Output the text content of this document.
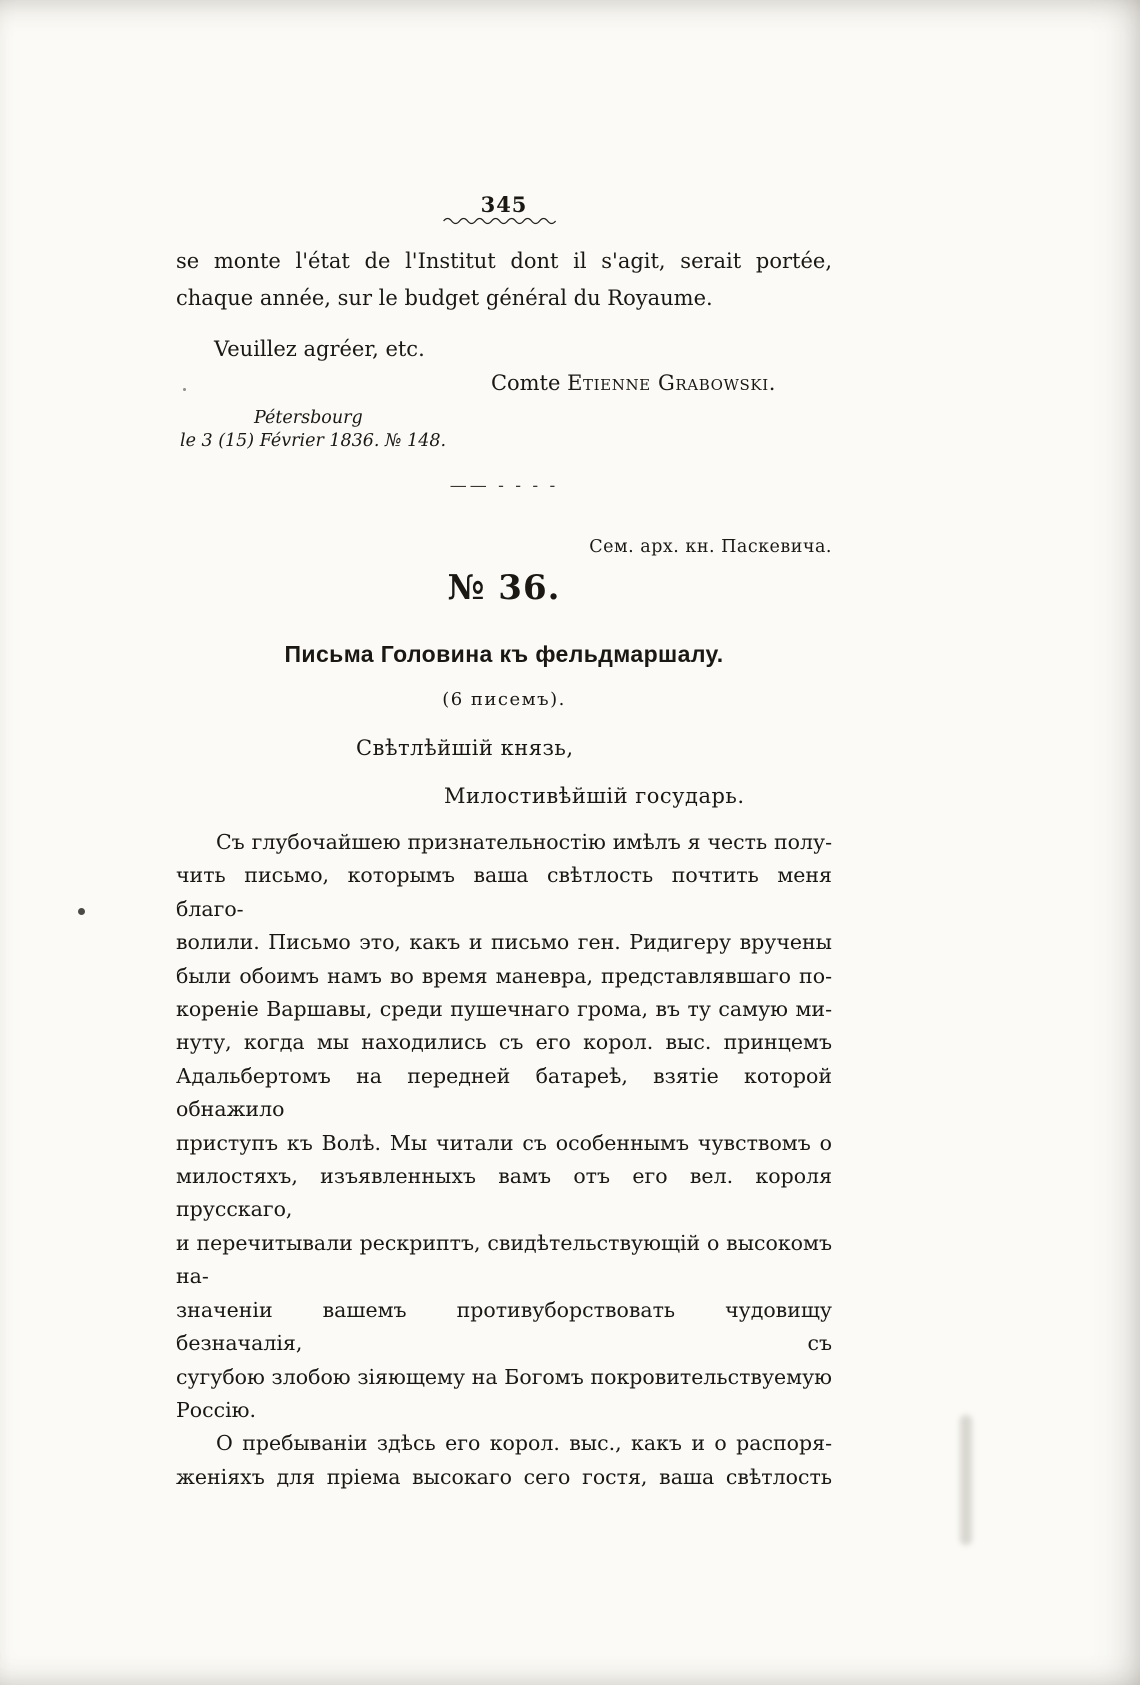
345
se monte l'état de l'Institut dont il s'agit, serait portée,
chaque année, sur le budget général du Royaume.
Veuillez agréer, etc.
Comte Etienne Grabowski.
Pétersbourg
le 3 (15) Février 1836. № 148.
—— - - - -
Сем. арх. кн. Паскевича.
№ 36.
Письма Головина къ фельдмаршалу.
(6 писемъ).
Свѣтлѣйшій князь,
Милостивѣйшій государь.
Съ глубочайшею признательностію имѣлъ я честь полу-
чить письмо, которымъ ваша свѣтлость почтить меня благо-
волили. Письмо это, какъ и письмо ген. Ридигеру вручены
были обоимъ намъ во время маневра, представлявшаго по-
кореніе Варшавы, среди пушечнаго грома, въ ту самую ми-
нуту, когда мы находились съ его корол. выс. принцемъ
Адальбертомъ на передней батареѣ, взятіе которой обнажило
приступъ къ Волѣ. Мы читали съ особеннымъ чувствомъ о
милостяхъ, изъявленныхъ вамъ отъ его вел. короля прусскаго,
и перечитывали рескриптъ, свидѣтельствующій о высокомъ на-
значеніи вашемъ противуборствовать чудовищу безначалія, съ
сугубою злобою зіяющему на Богомъ покровительствуемую
Россію.
О пребываніи здѣсь его корол. выс., какъ и о распоря-
женіяхъ для пріема высокаго сего гостя, ваша свѣтлость
